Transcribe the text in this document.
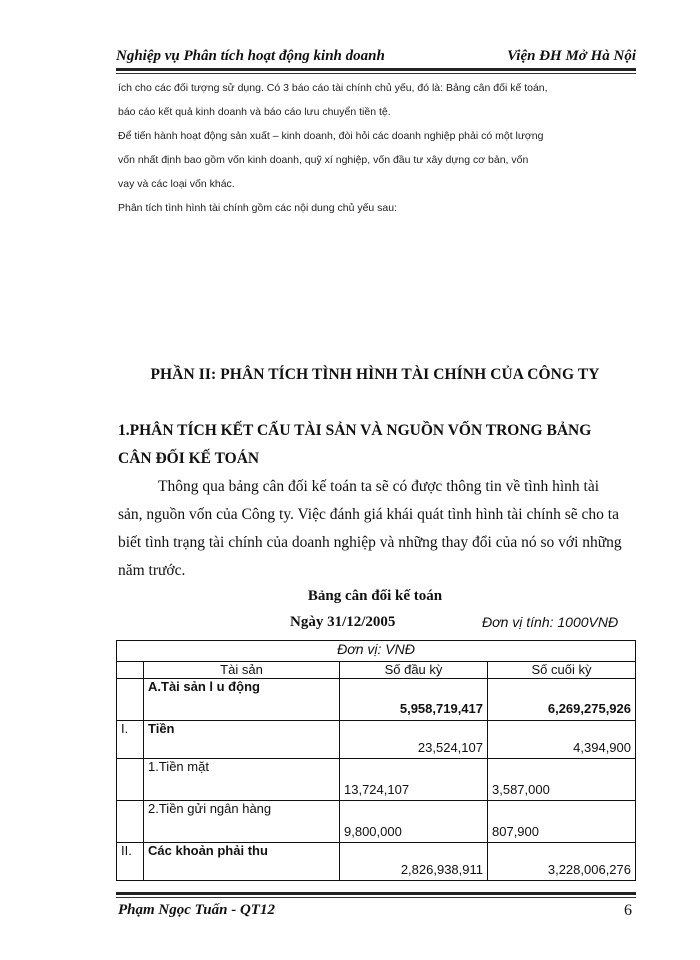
Nghiệp vụ Phân tích hoạt động kinh doanh	Viện ĐH Mở Hà Nội
ích cho các đối tượng sử dụng. Có 3 báo cáo tài chính chủ yếu, đó là: Bảng cân đối kế toán,
báo cáo kết quả kinh doanh và báo cáo lưu chuyển tiền tệ.
Để tiến hành hoạt động sản xuất – kinh doanh, đòi hỏi các doanh nghiệp phải có một lượng
vốn nhất định bao gồm vốn kinh doanh, quỹ xí nghiệp, vốn đầu tư xây dựng cơ bản, vốn
vay và các loại vốn khác.
Phân tích tình hình tài chính gồm các nội dung chủ yếu sau:
PHẦN II: PHÂN TÍCH TÌNH HÌNH TÀI CHÍNH CỦA CÔNG TY
1.PHÂN TÍCH KẾT CẤU TÀI SẢN VÀ NGUỒN VỐN TRONG BẢNG
CÂN ĐỐI KẾ TOÁN
Thông qua bảng cân đối kế toán ta sẽ có được thông tin về tình hình tài
sản, nguồn vốn của Công ty. Việc đánh giá khái quát tình hình tài chính sẽ cho ta
biết tình trạng tài chính của doanh nghiệp và những thay đổi của nó so với những
năm trước.
Bảng cân đối kế toán
Ngày 31/12/2005	Đơn vị tính: 1000VNĐ
Đơn vị: VNĐ			
	Tài sản	Số đầu kỳ	Số cuối kỳ

	A.Tài sản l u động	5,958,719,417	6,269,275,926

I.	Tiền	23,524,107	4,394,900

	1.Tiền mặt	13,724,107	3,587,000

	2.Tiền gửi ngân hàng	9,800,000	807,900

II.	Các khoản phải thu	2,826,938,911	3,228,006,276
Phạm Ngọc Tuấn - QT12	6
